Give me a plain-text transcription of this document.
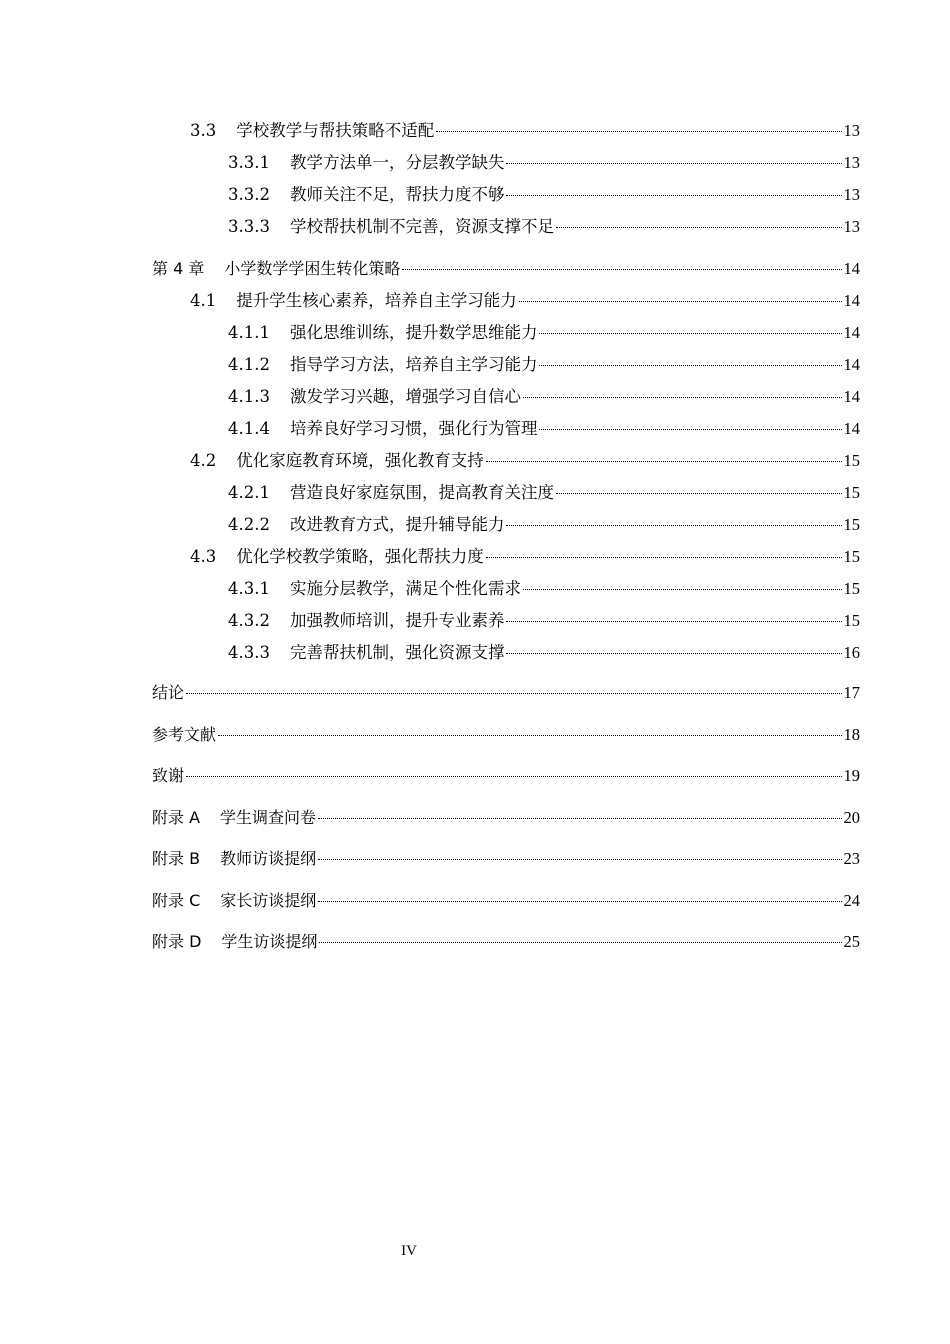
3.3 学校教学与帮扶策略不适配	13
3.3.1 教学方法单一，分层教学缺失	13
3.3.2 教师关注不足，帮扶力度不够	13
3.3.3 学校帮扶机制不完善，资源支撑不足	13
第 4 章 小学数学学困生转化策略	14
4.1 提升学生核心素养，培养自主学习能力	14
4.1.1 强化思维训练，提升数学思维能力	14
4.1.2 指导学习方法，培养自主学习能力	14
4.1.3 激发学习兴趣，增强学习自信心	14
4.1.4 培养良好学习习惯，强化行为管理	14
4.2 优化家庭教育环境，强化教育支持	15
4.2.1 营造良好家庭氛围，提高教育关注度	15
4.2.2 改进教育方式，提升辅导能力	15
4.3 优化学校教学策略，强化帮扶力度	15
4.3.1 实施分层教学，满足个性化需求	15
4.3.2 加强教师培训，提升专业素养	15
4.3.3 完善帮扶机制，强化资源支撑	16
结论	17
参考文献	18
致谢	19
附录 A 学生调查问卷	20
附录 B 教师访谈提纲	23
附录 C 家长访谈提纲	24
附录 D 学生访谈提纲	25
IV
